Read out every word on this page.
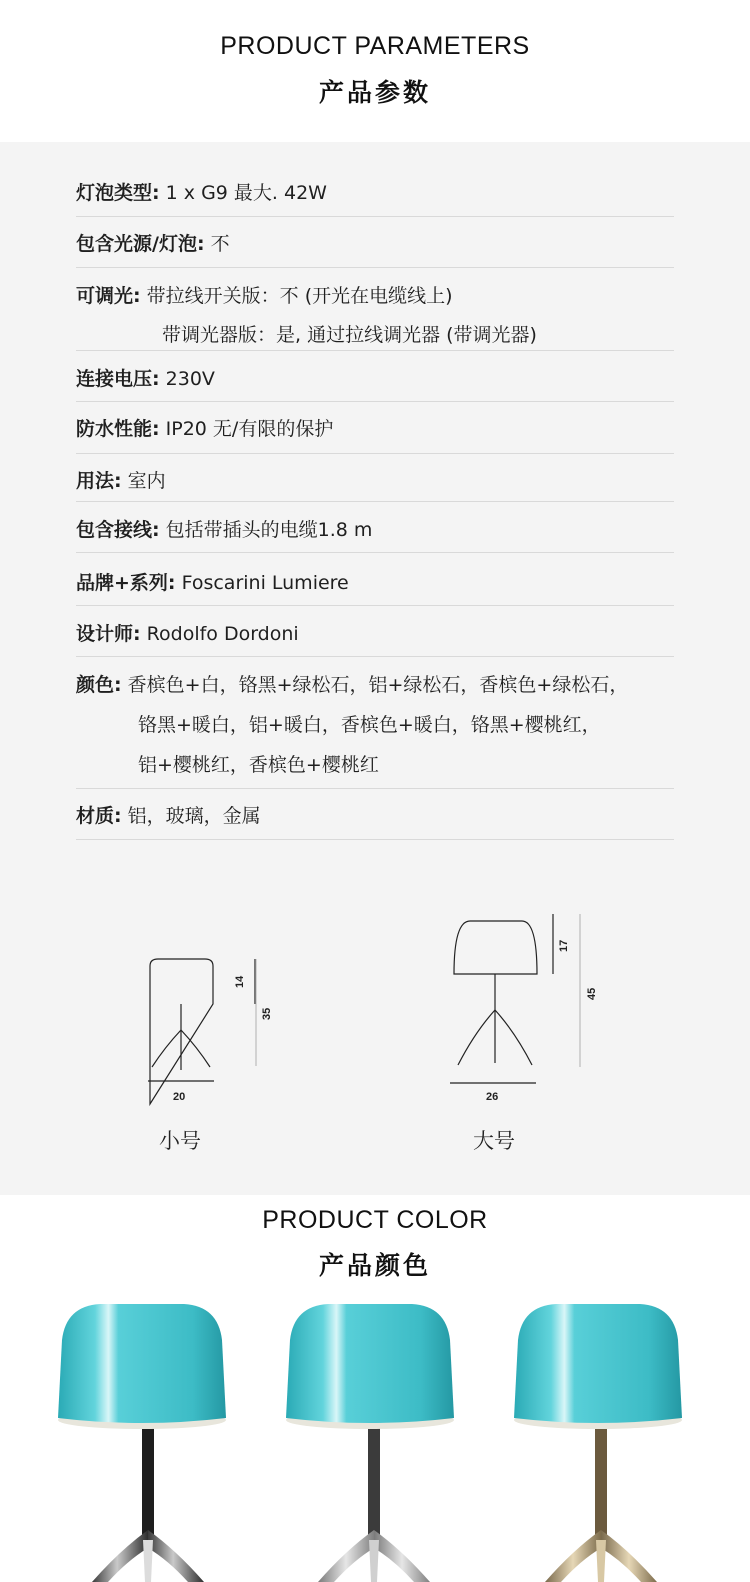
PRODUCT PARAMETERS
产品参数
灯泡类型: 1 x G9 最大. 42W
包含光源/灯泡: 不
可调光: 带拉线开关版：不 (开光在电缆线上)
带调光器版：是, 通过拉线调光器 (带调光器)
连接电压: 230V
防水性能: IP20 无/有限的保护
用法: 室内
包含接线: 包括带插头的电缆1.8 m
品牌+系列: Foscarini Lumiere
设计师: Rodolfo Dordoni
颜色: 香槟色+白，铬黑+绿松石，铝+绿松石，香槟色+绿松石，
铬黑+暖白，铝+暖白，香槟色+暖白，铬黑+樱桃红，
铝+樱桃红，香槟色+樱桃红
材质: 铝，玻璃，金属
20
14
35
26
17
45
小号	大号
PRODUCT COLOR
产品颜色
